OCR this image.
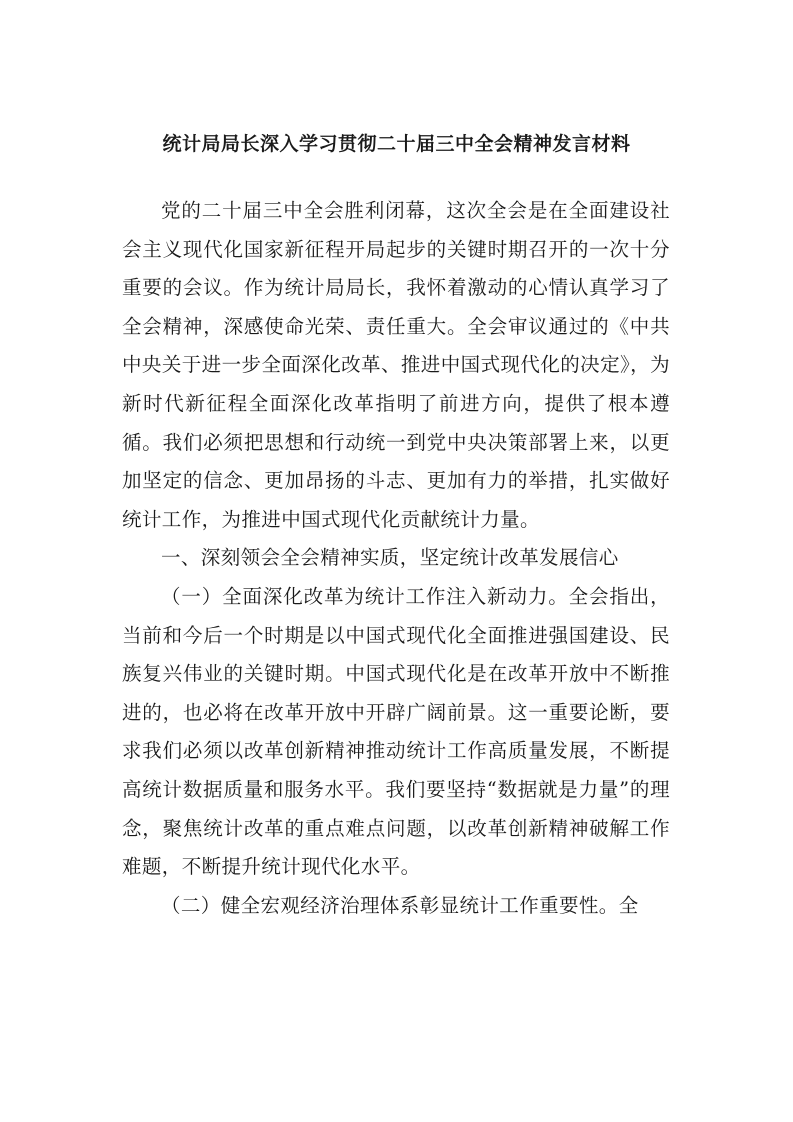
统计局局长深入学习贯彻二十届三中全会精神发言材料

党的二十届三中全会胜利闭幕，这次全会是在全面建设社会主义现代化国家新征程开局起步的关键时期召开的一次十分重要的会议。作为统计局局长，我怀着激动的心情认真学习了全会精神，深感使命光荣、责任重大。全会审议通过的《中共中央关于进一步全面深化改革、推进中国式现代化的决定》，为新时代新征程全面深化改革指明了前进方向，提供了根本遵循。我们必须把思想和行动统一到党中央决策部署上来，以更加坚定的信念、更加昂扬的斗志、更加有力的举措，扎实做好统计工作，为推进中国式现代化贡献统计力量。

一、深刻领会全会精神实质，坚定统计改革发展信心

（一）全面深化改革为统计工作注入新动力。全会指出，当前和今后一个时期是以中国式现代化全面推进强国建设、民族复兴伟业的关键时期。中国式现代化是在改革开放中不断推进的，也必将在改革开放中开辟广阔前景。这一重要论断，要求我们必须以改革创新精神推动统计工作高质量发展，不断提高统计数据质量和服务水平。我们要坚持“数据就是力量”的理念，聚焦统计改革的重点难点问题，以改革创新精神破解工作难题，不断提升统计现代化水平。

（二）健全宏观经济治理体系彰显统计工作重要性。全
